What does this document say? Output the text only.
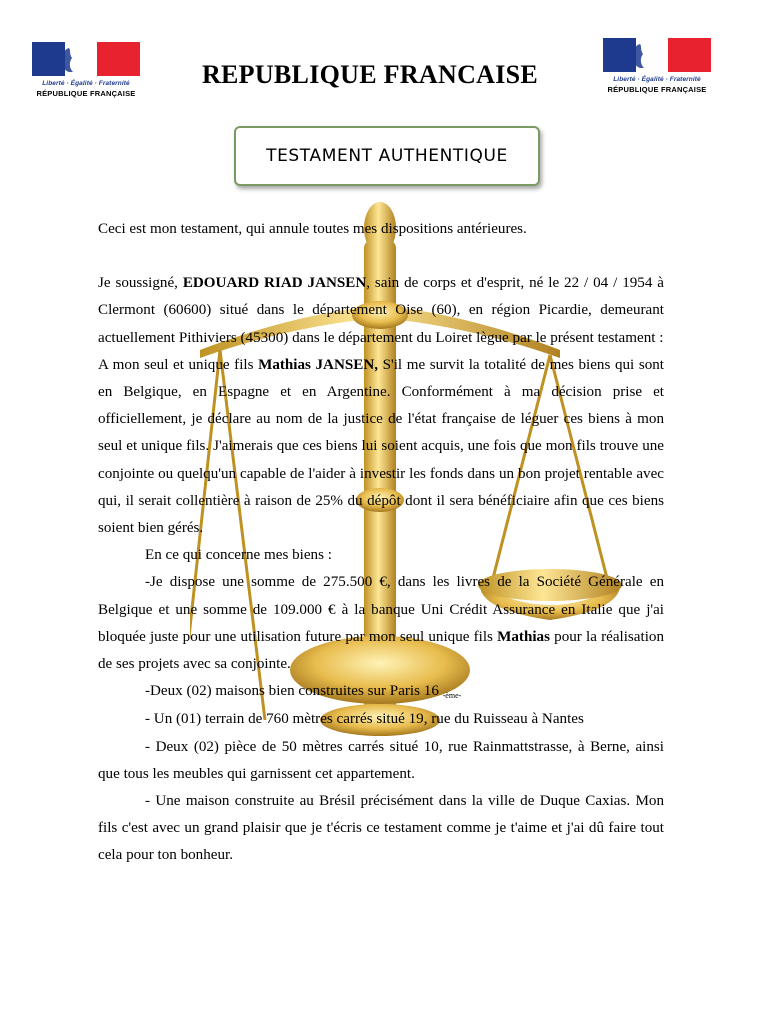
Liberté · Égalité · Fraternité
RÉPUBLIQUE FRANÇAISE
Liberté · Égalité · Fraternité
RÉPUBLIQUE FRANÇAISE
REPUBLIQUE FRANCAISE
TESTAMENT AUTHENTIQUE

Ceci est mon testament, qui annule toutes mes dispositions antérieures.

Je soussigné, EDOUARD RIAD JANSEN, sain de corps et d'esprit, né le 22 / 04 / 1954 à Clermont (60600) situé dans le département Oise (60), en région Picardie, demeurant actuellement Pithiviers (45300) dans le département du Loiret lègue par le présent testament :

A mon seul et unique fils Mathias JANSEN, S'il me survit la totalité de mes biens qui sont en Belgique, en Espagne et en Argentine. Conformément à ma décision prise et officiellement, je déclare au nom de la justice de l'état française de léguer ces biens à mon seul et unique fils. J'aimerais que ces biens lui soient acquis, une fois que mon fils trouve une conjointe ou quelqu'un capable de l'aider à investir les fonds dans un bon projet rentable avec qui, il serait collentière à raison de 25% du dépôt dont il sera bénéficiaire afin que ces biens soient bien gérés.

En ce qui concerne mes biens :

-Je dispose une somme de 275.500 €, dans les livres de la Société Générale en Belgique et une somme de 109.000 € à la banque Uni Crédit Assurance en Italie que j'ai bloquée juste pour une utilisation future par mon seul unique fils Mathias pour la réalisation de ses projets avec sa conjointe.

-Deux (02) maisons bien construites sur Paris 16 -ème-

- Un (01) terrain de 760 mètres carrés situé 19, rue du Ruisseau à Nantes

- Deux (02) pièce de 50 mètres carrés situé 10, rue Rainmattstrasse, à Berne, ainsi que tous les meubles qui garnissent cet appartement.

- Une maison construite au Brésil précisément dans la ville de Duque Caxias. Mon fils c'est avec un grand plaisir que je t'écris ce testament comme je t'aime et j'ai dû faire tout cela pour ton bonheur.
